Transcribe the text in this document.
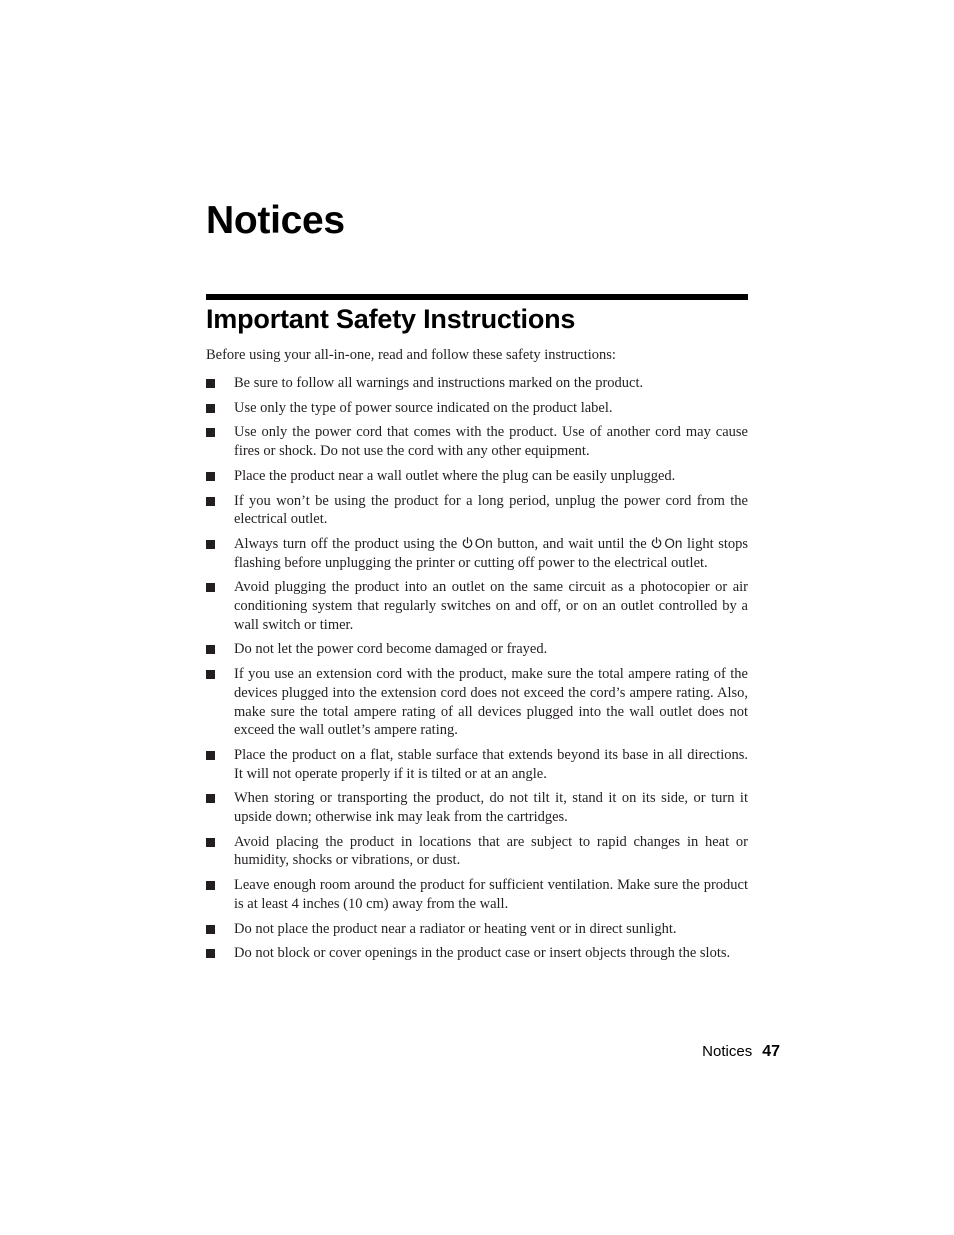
Notices
Important Safety Instructions

Before using your all-in-one, read and follow these safety instructions:

Be sure to follow all warnings and instructions marked on the product.
Use only the type of power source indicated on the product label.
Use only the power cord that comes with the product. Use of another cord may cause fires or shock. Do not use the cord with any other equipment.
Place the product near a wall outlet where the plug can be easily unplugged.
If you won’t be using the product for a long period, unplug the power cord from the electrical outlet.
Always turn off the product using the On button, and wait until the On light stops flashing before unplugging the printer or cutting off power to the electrical outlet.
Avoid plugging the product into an outlet on the same circuit as a photocopier or air conditioning system that regularly switches on and off, or on an outlet controlled by a wall switch or timer.
Do not let the power cord become damaged or frayed.
If you use an extension cord with the product, make sure the total ampere rating of the devices plugged into the extension cord does not exceed the cord’s ampere rating. Also, make sure the total ampere rating of all devices plugged into the wall outlet does not exceed the wall outlet’s ampere rating.
Place the product on a flat, stable surface that extends beyond its base in all directions. It will not operate properly if it is tilted or at an angle.
When storing or transporting the product, do not tilt it, stand it on its side, or turn it upside down; otherwise ink may leak from the cartridges.
Avoid placing the product in locations that are subject to rapid changes in heat or humidity, shocks or vibrations, or dust.
Leave enough room around the product for sufficient ventilation. Make sure the product is at least 4 inches (10 cm) away from the wall.
Do not place the product near a radiator or heating vent or in direct sunlight.
Do not block or cover openings in the product case or insert objects through the slots.
Notices 47
